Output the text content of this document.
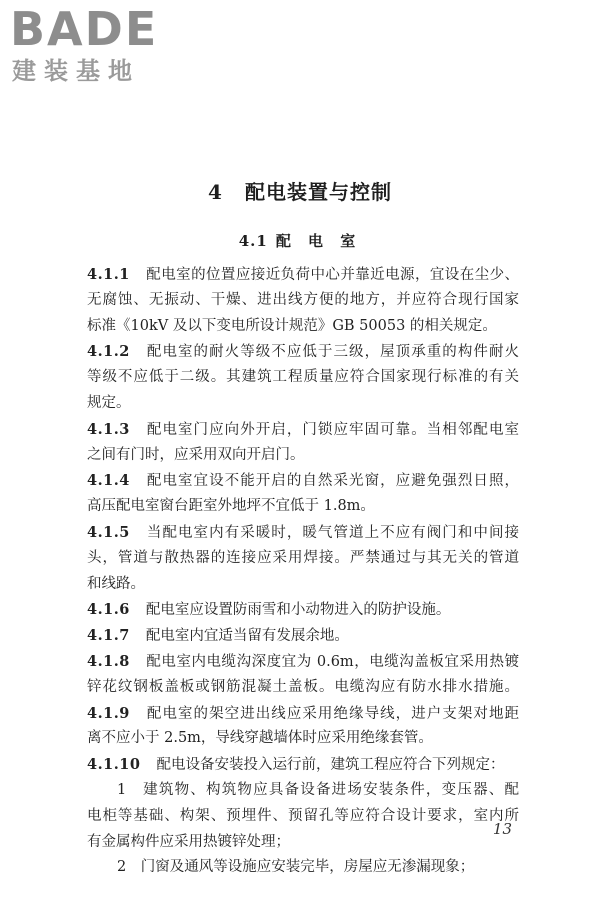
BADE
建装基地
4 配电装置与控制
4.1 配 电 室
4.1.1 配电室的位置应接近负荷中心并靠近电源，宜设在尘少、
无腐蚀、无振动、干燥、进出线方便的地方，并应符合现行国家
标准《10kV 及以下变电所设计规范》GB 50053 的相关规定。
4.1.2 配电室的耐火等级不应低于三级，屋顶承重的构件耐火
等级不应低于二级。其建筑工程质量应符合国家现行标准的有关
规定。
4.1.3 配电室门应向外开启，门锁应牢固可靠。当相邻配电室
之间有门时，应采用双向开启门。
4.1.4 配电室宜设不能开启的自然采光窗，应避免强烈日照，
高压配电室窗台距室外地坪不宜低于 1.8m。
4.1.5 当配电室内有采暖时，暖气管道上不应有阀门和中间接
头，管道与散热器的连接应采用焊接。严禁通过与其无关的管道
和线路。
4.1.6 配电室应设置防雨雪和小动物进入的防护设施。
4.1.7 配电室内宜适当留有发展余地。
4.1.8 配电室内电缆沟深度宜为 0.6m，电缆沟盖板宜采用热镀
锌花纹钢板盖板或钢筋混凝土盖板。电缆沟应有防水排水措施。
4.1.9 配电室的架空进出线应采用绝缘导线，进户支架对地距
离不应小于 2.5m，导线穿越墙体时应采用绝缘套管。
4.1.10 配电设备安装投入运行前，建筑工程应符合下列规定：
1　建筑物、构筑物应具备设备进场安装条件，变压器、配
电柜等基础、构架、预埋件、预留孔等应符合设计要求，室内所
有金属构件应采用热镀锌处理；
2　门窗及通风等设施应安装完毕，房屋应无渗漏现象；
13
